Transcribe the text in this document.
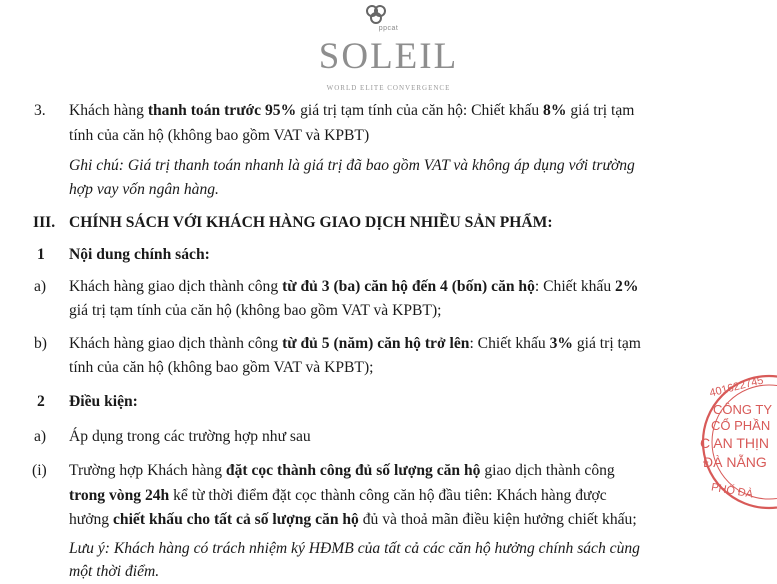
ppcat
SOLEIL
WORLD ELITE CONVERGENCE
3. Khách hàng thanh toán trước 95% giá trị tạm tính của căn hộ: Chiết khấu 8% giá trị tạm
tính của căn hộ (không bao gồm VAT và KPBT)
Ghi chú: Giá trị thanh toán nhanh là giá trị đã bao gồm VAT và không áp dụng với trường
hợp vay vốn ngân hàng.
III. CHÍNH SÁCH VỚI KHÁCH HÀNG GIAO DỊCH NHIỀU SẢN PHẨM:
1 Nội dung chính sách:
a) Khách hàng giao dịch thành công từ đủ 3 (ba) căn hộ đến 4 (bốn) căn hộ: Chiết khấu 2%
giá trị tạm tính của căn hộ (không bao gồm VAT và KPBT);
b) Khách hàng giao dịch thành công từ đủ 5 (năm) căn hộ trở lên: Chiết khấu 3% giá trị tạm
tính của căn hộ (không bao gồm VAT và KPBT);
2 Điều kiện:
a) Áp dụng trong các trường hợp như sau
(i) Trường hợp Khách hàng đặt cọc thành công đủ số lượng căn hộ giao dịch thành công
trong vòng 24h kể từ thời điểm đặt cọc thành công căn hộ đầu tiên: Khách hàng được
hưởng chiết khấu cho tất cả số lượng căn hộ đủ và thoả mãn điều kiện hưởng chiết khấu;
Lưu ý: Khách hàng có trách nhiệm ký HĐMB của tất cả các căn hộ hưởng chính sách cùng
một thời điểm.
401622745
CÔNG TY
CỔ PHẦN
C AN THỊN
ĐÀ NẴNG
PHỐ ĐÀ
